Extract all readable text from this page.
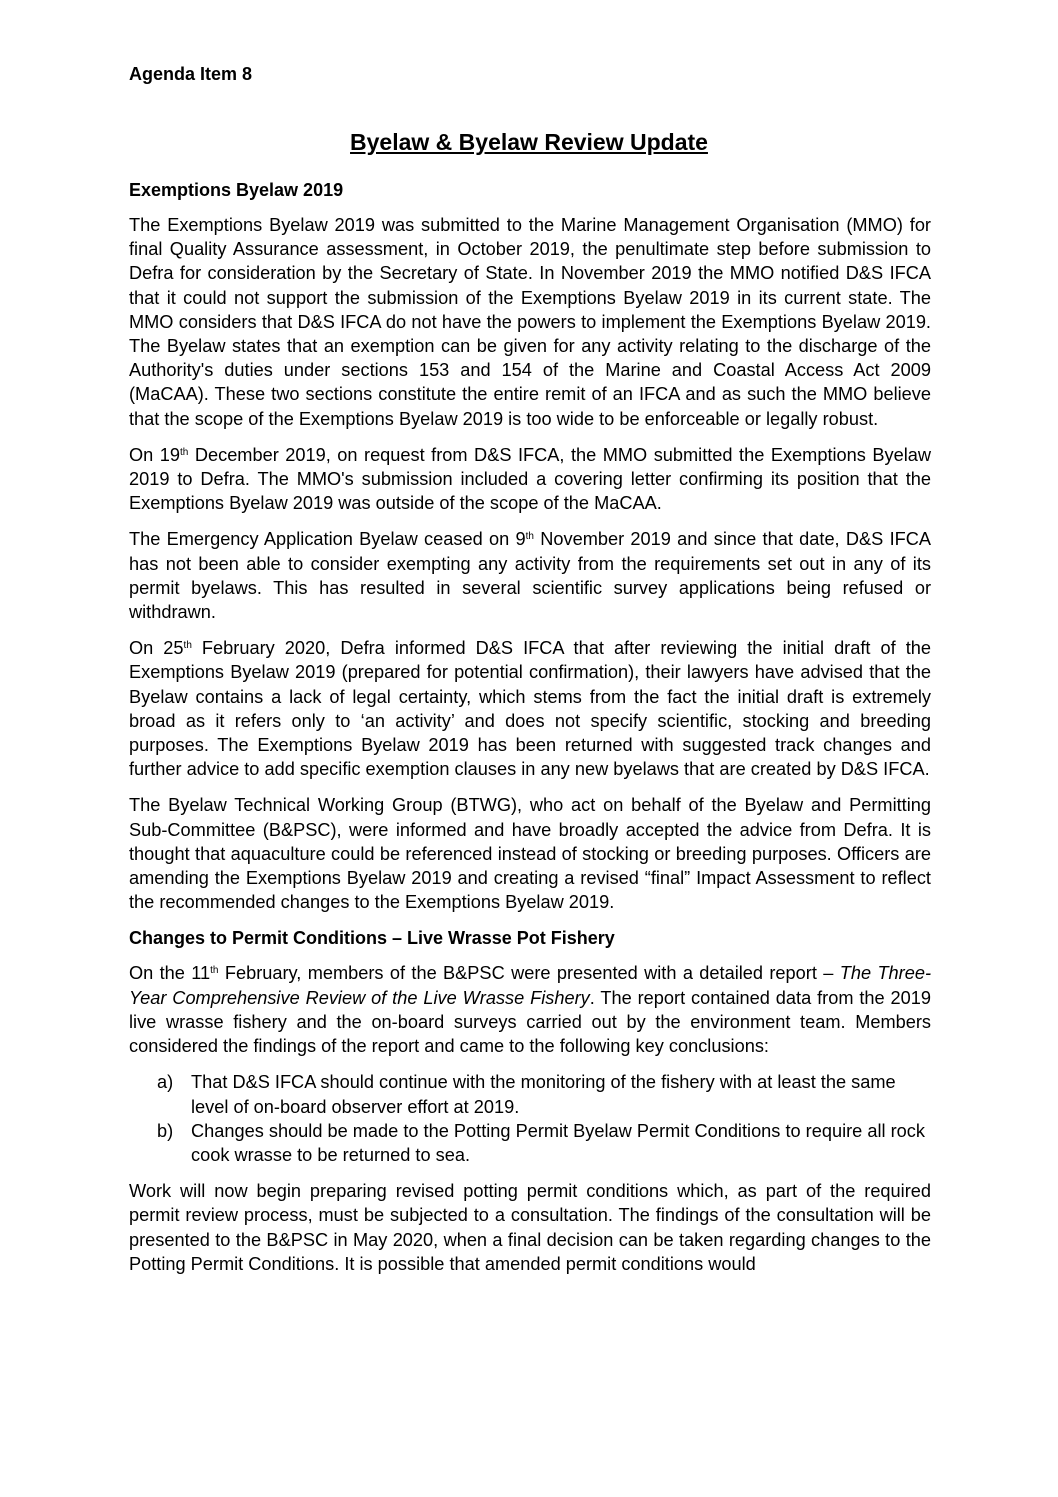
Agenda Item 8
Byelaw & Byelaw Review Update
Exemptions Byelaw 2019

The Exemptions Byelaw 2019 was submitted to the Marine Management Organisation (MMO) for final Quality Assurance assessment, in October 2019, the penultimate step before submission to Defra for consideration by the Secretary of State. In November 2019 the MMO notified D&S IFCA that it could not support the submission of the Exemptions Byelaw 2019 in its current state. The MMO considers that D&S IFCA do not have the powers to implement the Exemptions Byelaw 2019. The Byelaw states that an exemption can be given for any activity relating to the discharge of the Authority's duties under sections 153 and 154 of the Marine and Coastal Access Act 2009 (MaCAA). These two sections constitute the entire remit of an IFCA and as such the MMO believe that the scope of the Exemptions Byelaw 2019 is too wide to be enforceable or legally robust.

On 19th December 2019, on request from D&S IFCA, the MMO submitted the Exemptions Byelaw 2019 to Defra. The MMO's submission included a covering letter confirming its position that the Exemptions Byelaw 2019 was outside of the scope of the MaCAA.

The Emergency Application Byelaw ceased on 9th November 2019 and since that date, D&S IFCA has not been able to consider exempting any activity from the requirements set out in any of its permit byelaws. This has resulted in several scientific survey applications being refused or withdrawn.

On 25th February 2020, Defra informed D&S IFCA that after reviewing the initial draft of the Exemptions Byelaw 2019 (prepared for potential confirmation), their lawyers have advised that the Byelaw contains a lack of legal certainty, which stems from the fact the initial draft is extremely broad as it refers only to ‘an activity’ and does not specify scientific, stocking and breeding purposes. The Exemptions Byelaw 2019 has been returned with suggested track changes and further advice to add specific exemption clauses in any new byelaws that are created by D&S IFCA.

The Byelaw Technical Working Group (BTWG), who act on behalf of the Byelaw and Permitting Sub-Committee (B&PSC), were informed and have broadly accepted the advice from Defra. It is thought that aquaculture could be referenced instead of stocking or breeding purposes. Officers are amending the Exemptions Byelaw 2019 and creating a revised “final” Impact Assessment to reflect the recommended changes to the Exemptions Byelaw 2019.

Changes to Permit Conditions – Live Wrasse Pot Fishery

On the 11th February, members of the B&PSC were presented with a detailed report – The Three-Year Comprehensive Review of the Live Wrasse Fishery. The report contained data from the 2019 live wrasse fishery and the on-board surveys carried out by the environment team. Members considered the findings of the report and came to the following key conclusions:

a) That D&S IFCA should continue with the monitoring of the fishery with at least the same level of on-board observer effort at 2019.
b) Changes should be made to the Potting Permit Byelaw Permit Conditions to require all rock cook wrasse to be returned to sea.

Work will now begin preparing revised potting permit conditions which, as part of the required permit review process, must be subjected to a consultation. The findings of the consultation will be presented to the B&PSC in May 2020, when a final decision can be taken regarding changes to the Potting Permit Conditions. It is possible that amended permit conditions would
